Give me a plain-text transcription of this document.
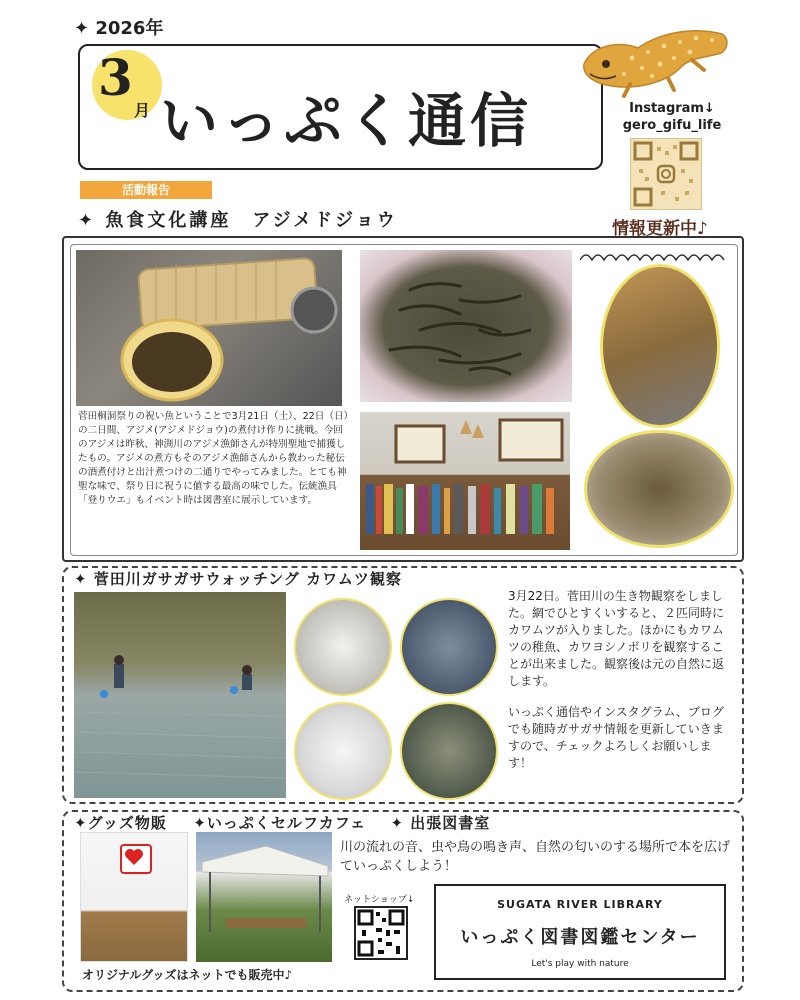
✦ 2026年
3
月 いっぷく通信	Instagram↓
gero_gifu_life
情報更新中♪
活動報告
✦ 魚食文化講座　アジメドジョウ
菅田桐洞祭りの祝い魚ということで3月21日（土）、22日（日）の二日間、アジメ(アジメドジョウ)の煮付け作りに挑戦。今回のアジメは昨秋、神渕川のアジメ漁師さんが特別聖地で捕獲したもの。アジメの煮方もそのアジメ漁師さんから教わった秘伝の酒煮付けと出汁煮つけの二通りでやってみました。とても神聖な味で、祭り日に祝うに値する最高の味でした。伝統漁具「登りウエ」もイベント時は図書室に展示しています。
✦ 菅田川ガサガサウォッチング カワムツ観察
3月22日。菅田川の生き物観察をしました。網でひとすくいすると、２匹同時にカワムツが入りました。ほかにもカワムツの稚魚、カワヨシノボリを観察することが出来ました。観察後は元の自然に返します。
いっぷく通信やインスタグラム、ブログでも随時ガサガサ情報を更新していきますので、チェックよろしくお願いします！
✦グッズ物販 ✦いっぷくセルフカフェ ✦ 出張図書室
ネットショップ↓
川の流れの音、虫や鳥の鳴き声、自然の匂いのする場所で本を広げていっぷくしよう！
SUGATA RIVER LIBRARY
いっぷく図書図鑑センター
Let's play with nature
オリジナルグッズはネットでも販売中♪
